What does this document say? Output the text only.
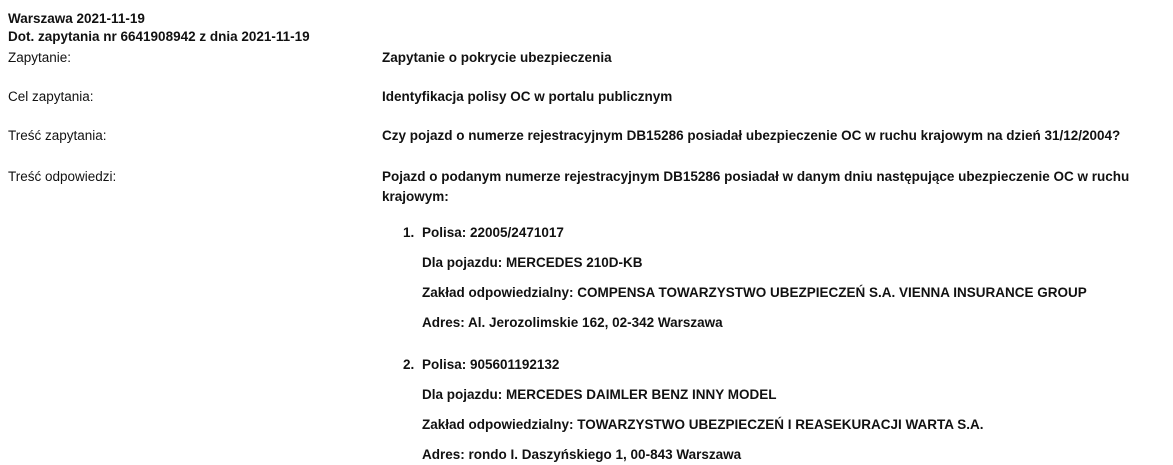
Warszawa 2021-11-19
Dot. zapytania nr 6641908942 z dnia 2021-11-19
Zapytanie:	Zapytanie o pokrycie ubezpieczenia
Cel zapytania:	Identyfikacja polisy OC w portalu publicznym
Treść zapytania:	Czy pojazd o numerze rejestracyjnym DB15286 posiadał ubezpieczenie OC w ruchu krajowym na dzień 31/12/2004?
Treść odpowiedzi:	Pojazd o podanym numerze rejestracyjnym DB15286 posiadał w danym dniu następujące ubezpieczenie OC w ruchu krajowym:
1. Polisa: 22005/2471017
Dla pojazdu: MERCEDES 210D-KB
Zakład odpowiedzialny: COMPENSA TOWARZYSTWO UBEZPIECZEŃ S.A. VIENNA INSURANCE GROUP
Adres: Al. Jerozolimskie 162, 02-342 Warszawa
2. Polisa: 905601192132
Dla pojazdu: MERCEDES DAIMLER BENZ INNY MODEL
Zakład odpowiedzialny: TOWARZYSTWO UBEZPIECZEŃ I REASEKURACJI WARTA S.A.
Adres: rondo I. Daszyńskiego 1, 00-843 Warszawa
